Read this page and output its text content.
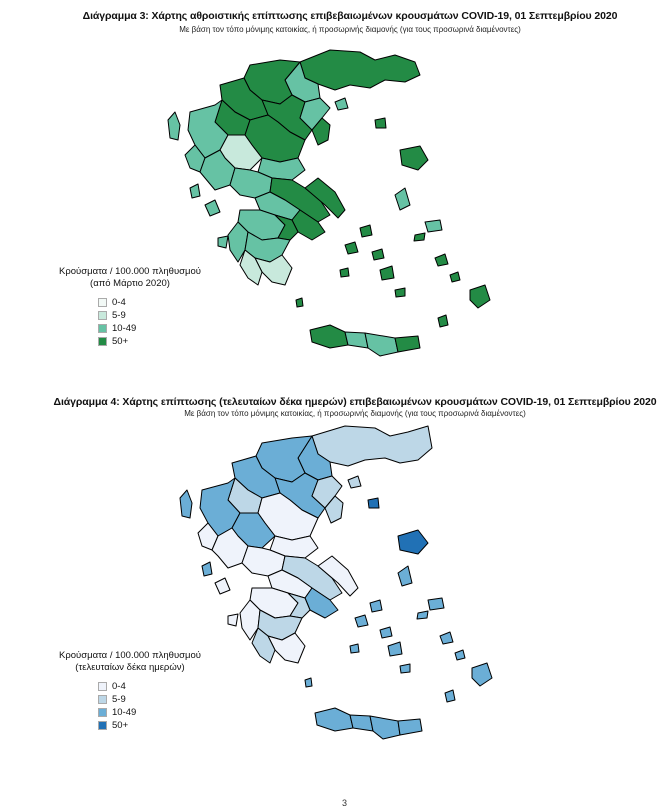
Διάγραμμα 3: Χάρτης αθροιστικής επίπτωσης επιβεβαιωμένων κρουσμάτων COVID-19, 01 Σεπτεμβρίου 2020
Με βάση τον τόπο μόνιμης κατοικίας, ή προσωρινής διαμονής (για τους προσωρινά διαμένοντες)
Κρούσματα / 100.000 πληθυσμού
(από Μάρτιο 2020)
0-4
5-9
10-49
50+
Διάγραμμα 4: Χάρτης επίπτωσης (τελευταίων δέκα ημερών) επιβεβαιωμένων κρουσμάτων COVID-19, 01 Σεπτεμβρίου 2020
Με βάση τον τόπο μόνιμης κατοικίας, ή προσωρινής διαμονής (για τους προσωρινά διαμένοντες)
Κρούσματα / 100.000 πληθυσμού
(τελευταίων δέκα ημερών)
0-4
5-9
10-49
50+
3
